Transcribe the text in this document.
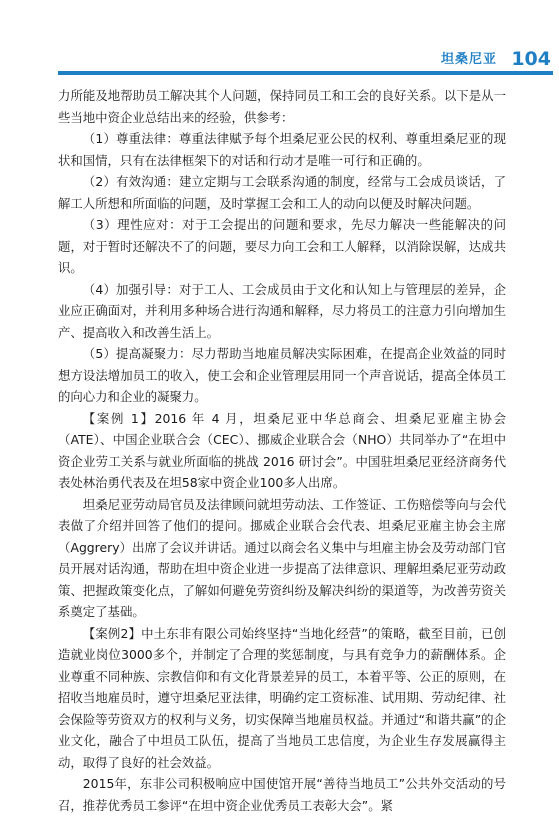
坦桑尼亚 104

力所能及地帮助员工解决其个人问题，保持同员工和工会的良好关系。以下是从一些当地中资企业总结出来的经验，供参考：

（1）尊重法律：尊重法律赋予每个坦桑尼亚公民的权利、尊重坦桑尼亚的现状和国情，只有在法律框架下的对话和行动才是唯一可行和正确的。

（2）有效沟通：建立定期与工会联系沟通的制度，经常与工会成员谈话，了解工人所想和所面临的问题，及时掌握工会和工人的动向以便及时解决问题。

（3）理性应对：对于工会提出的问题和要求，先尽力解决一些能解决的问题，对于暂时还解决不了的问题，要尽力向工会和工人解释，以消除误解，达成共识。

（4）加强引导：对于工人、工会成员由于文化和认知上与管理层的差异，企业应正确面对，并利用多种场合进行沟通和解释，尽力将员工的注意力引向增加生产、提高收入和改善生活上。

（5）提高凝聚力：尽力帮助当地雇员解决实际困难，在提高企业效益的同时想方设法增加员工的收入，使工会和企业管理层用同一个声音说话，提高全体员工的向心力和企业的凝聚力。

【案例 1】2016 年 4 月，坦桑尼亚中华总商会、坦桑尼亚雇主协会（ATE）、中国企业联合会（CEC）、挪威企业联合会（NHO）共同举办了“在坦中资企业劳工关系与就业所面临的挑战 2016 研讨会”。中国驻坦桑尼亚经济商务代表处林治勇代表及在坦58家中资企业100多人出席。

坦桑尼亚劳动局官员及法律顾问就坦劳动法、工作签证、工伤赔偿等向与会代表做了介绍并回答了他们的提问。挪威企业联合会代表、坦桑尼亚雇主协会主席（Aggrery）出席了会议并讲话。通过以商会名义集中与坦雇主协会及劳动部门官员开展对话沟通，帮助在坦中资企业进一步提高了法律意识、理解坦桑尼亚劳动政策、把握政策变化点，了解如何避免劳资纠纷及解决纠纷的渠道等，为改善劳资关系奠定了基础。

【案例2】中土东非有限公司始终坚持“当地化经营”的策略，截至目前，已创造就业岗位3000多个，并制定了合理的奖惩制度，与具有竞争力的薪酬体系。企业尊重不同种族、宗教信仰和有文化背景差异的员工，本着平等、公正的原则，在招收当地雇员时，遵守坦桑尼亚法律，明确约定工资标准、试用期、劳动纪律、社会保险等劳资双方的权利与义务，切实保障当地雇员权益。并通过“和谐共赢”的企业文化，融合了中坦员工队伍，提高了当地员工忠信度，为企业生存发展赢得主动，取得了良好的社会效益。

2015年，东非公司积极响应中国使馆开展“善待当地员工”公共外交活动的号召，推荐优秀员工参评“在坦中资企业优秀员工表彰大会”。紧
